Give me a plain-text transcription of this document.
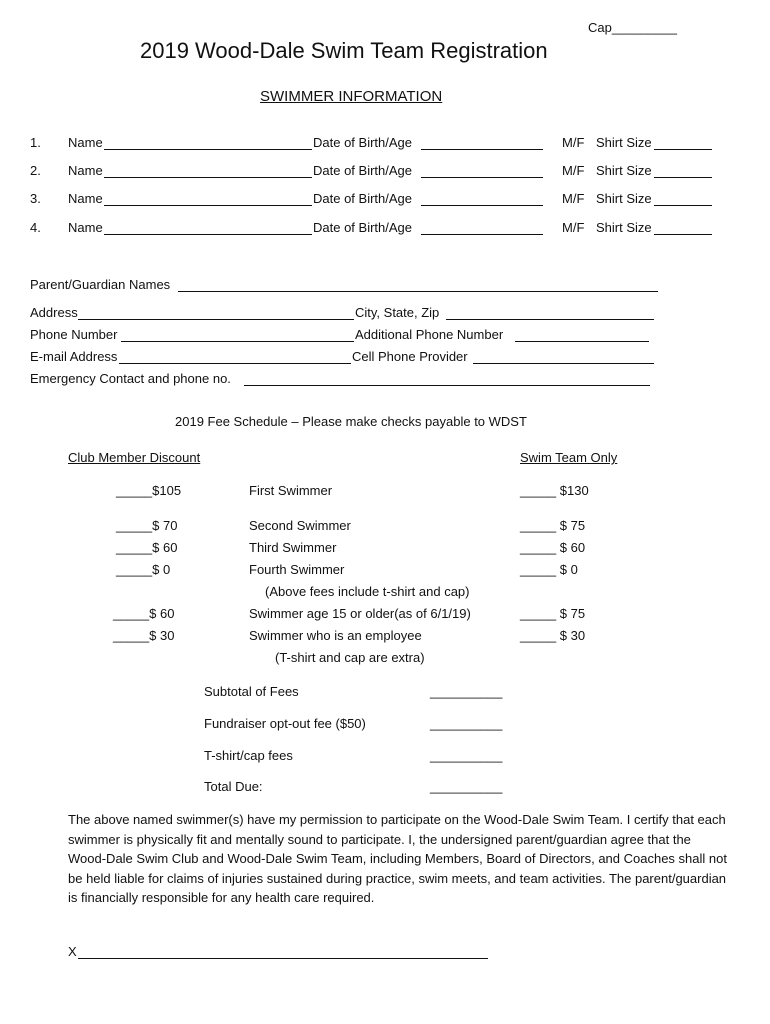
Cap_________
2019 Wood-Dale Swim Team Registration
SWIMMER INFORMATION
1. Name	Date of Birth/Age	M/F Shirt Size
2. Name	Date of Birth/Age	M/F Shirt Size
3. Name	Date of Birth/Age	M/F Shirt Size
4. Name	Date of Birth/Age	M/F Shirt Size
Parent/Guardian Names
Address	City, State, Zip
Phone Number	Additional Phone Number
E-mail Address	Cell Phone Provider
Emergency Contact and phone no.
2019 Fee Schedule – Please make checks payable to WDST
Club Member Discount	Swim Team Only
_____$105	First Swimmer	_____ $130
_____$ 70	Second Swimmer	_____ $ 75
_____$ 60	Third Swimmer	_____ $ 60
_____$ 0	Fourth Swimmer	_____ $ 0
(Above fees include t-shirt and cap)
_____$ 60	Swimmer age 15 or older(as of 6/1/19)	_____ $ 75
_____$ 30	Swimmer who is an employee	_____ $ 30
(T-shirt and cap are extra)
Subtotal of Fees	__________
Fundraiser opt-out fee ($50)	__________
T-shirt/cap fees	__________
Total Due:	__________
The above named swimmer(s) have my permission to participate on the Wood-Dale Swim Team. I certify that each swimmer is physically fit and mentally sound to participate. I, the undersigned parent/guardian agree that the Wood-Dale Swim Club and Wood-Dale Swim Team, including Members, Board of Directors, and Coaches shall not be held liable for claims of injuries sustained during practice, swim meets, and team activities. The parent/guardian is financially responsible for any health care required.
X
